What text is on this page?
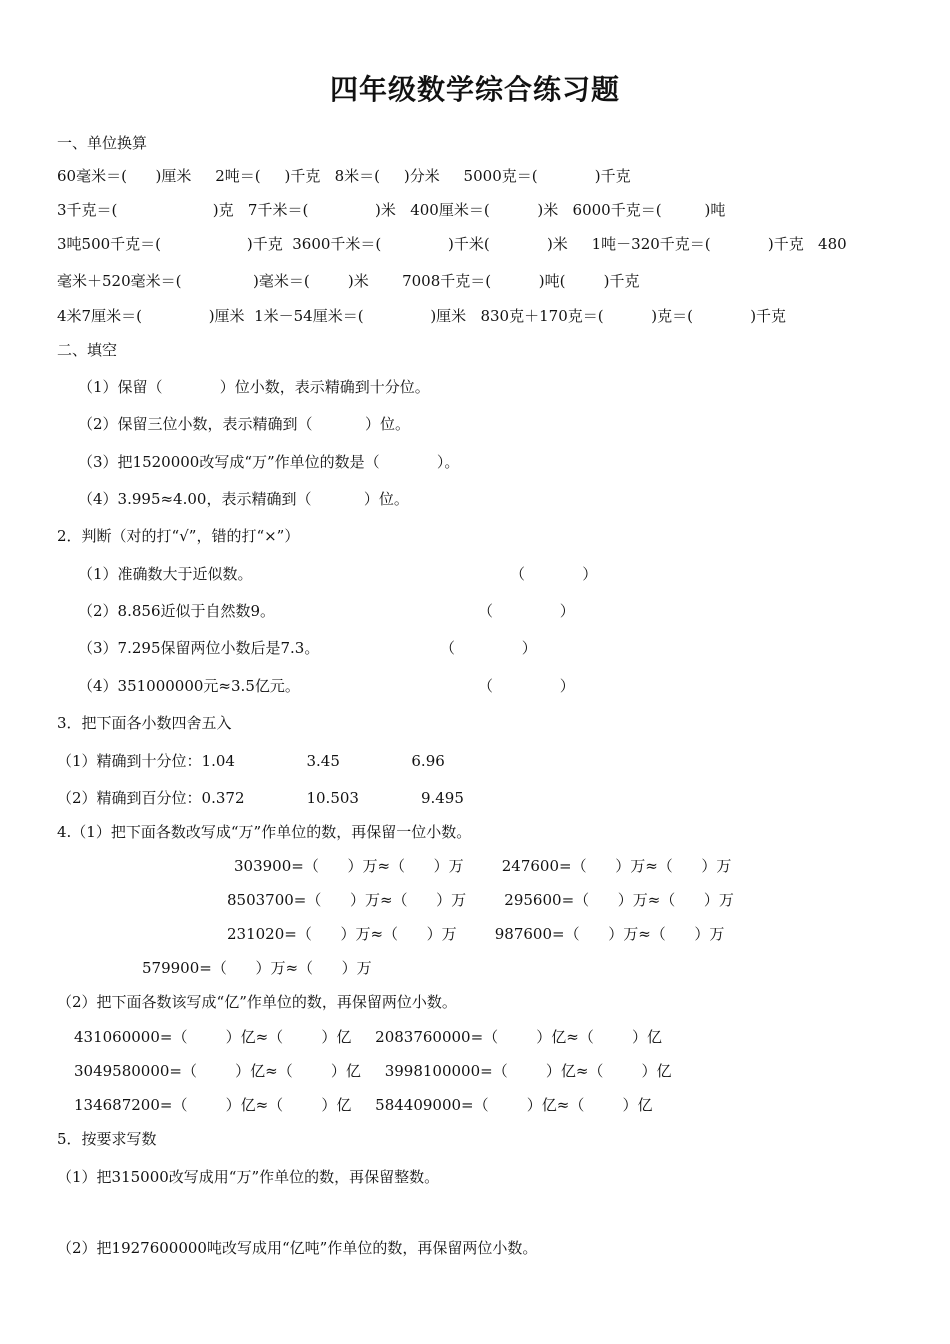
四年级数学综合练习题
一、单位换算
60毫米＝(      )厘米     2吨＝(     )千克   8米＝(     )分米     5000克＝(            )千克
3千克＝(                    )克   7千米＝(              )米   400厘米＝(          )米   6000千克＝(         )吨
3吨500千克＝(                  )千克  3600千米＝(              )千米(            )米     1吨－320千克＝(            )千克   480
毫米＋520毫米＝(               )毫米＝(        )米       7008千克＝(          )吨(        )千克
4米7厘米＝(              )厘米  1米－54厘米＝(              )厘米   830克＋170克＝(          )克＝(            )千克
二、填空
（1）保留（            ）位小数，表示精确到十分位。
（2）保留三位小数，表示精确到（           ）位。
（3）把1520000改写成“万”作单位的数是（            ）。
（4）3.995≈4.00，表示精确到（           ）位。
2．判断（对的打“√”，错的打“×”）
（1）准确数大于近似数。	（            ）
（2）8.856近似于自然数9。	（              ）
（3）7.295保留两位小数后是7.3。	（              ）
（4）351000000元≈3.5亿元。	（              ）
3．把下面各小数四舍五入
（1）精确到十分位：1.04               3.45               6.96
（2）精确到百分位：0.372             10.503             9.495
4.（1）把下面各数改写成“万”作单位的数，再保留一位小数。
303900=（      ）万≈（      ）万        247600=（      ）万≈（      ）万
8503700=（      ）万≈（      ）万        295600=（      ）万≈（      ）万
231020=（      ）万≈（      ）万        987600=（      ）万≈（      ）万
579900=（      ）万≈（      ）万
（2）把下面各数该写成“亿”作单位的数，再保留两位小数。
431060000=（        ）亿≈（        ）亿     2083760000=（        ）亿≈（        ）亿
3049580000=（        ）亿≈（        ）亿     3998100000=（        ）亿≈（        ）亿
134687200=（        ）亿≈（        ）亿     584409000=（        ）亿≈（        ）亿
5．按要求写数
（1）把315000改写成用“万”作单位的数，再保留整数。
（2）把1927600000吨改写成用“亿吨”作单位的数，再保留两位小数。
